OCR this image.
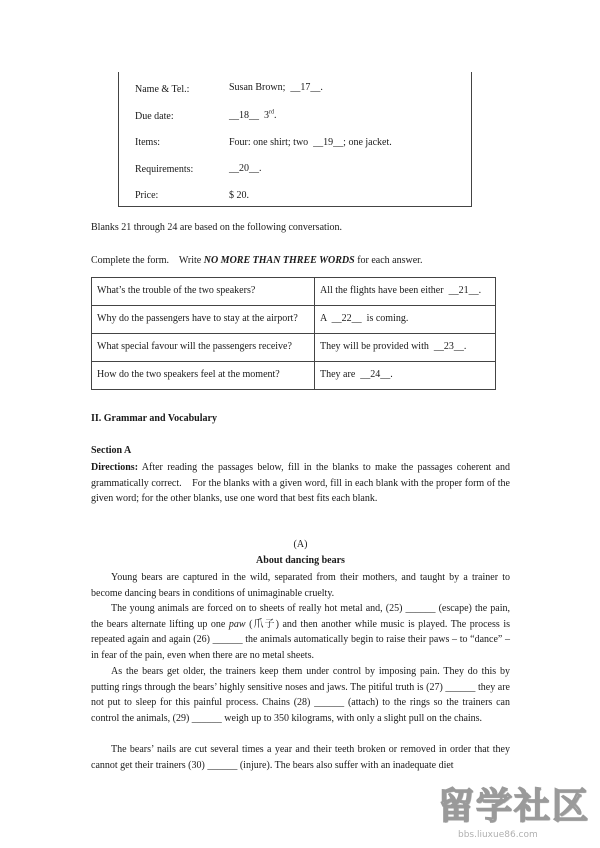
Name & Tel.:	Susan Brown;  __17__.
Due date:	__18__  3rd.
Items:	Four: one shirt; two  __19__; one jacket.
Requirements:	__20__.
Price:	$ 20.
Blanks 21 through 24 are based on the following conversation.
Complete the form.    Write NO MORE THAN THREE WORDS for each answer.
What’s the trouble of the two speakers?	All the flights have been either  __21__.
Why do the passengers have to stay at the airport?	A  __22__  is coming.
What special favour will the passengers receive?	They will be provided with  __23__.
How do the two speakers feel at the moment?	They are  __24__.
II. Grammar and Vocabulary
Section A
Directions: After reading the passages below, fill in the blanks to make the passages coherent and grammatically correct.    For the blanks with a given word, fill in each blank with the proper form of the given word; for the other blanks, use one word that best fits each blank.
(A)
About dancing bears
Young bears are captured in the wild, separated from their mothers, and taught by a trainer to become dancing bears in conditions of unimaginable cruelty.
The young animals are forced on to sheets of really hot metal and, (25) ______ (escape) the pain, the bears alternate lifting up one paw (爪子) and then another while music is played. The process is repeated again and again (26) ______ the animals automatically begin to raise their paws – to “dance” – in fear of the pain, even when there are no metal sheets.
As the bears get older, the trainers keep them under control by imposing pain. They do this by putting rings through the bears’ highly sensitive noses and jaws. The pitiful truth is (27) ______ they are not put to sleep for this painful process. Chains (28) ______ (attach) to the rings so the trainers can control the animals, (29) ______ weigh up to 350 kilograms, with only a slight pull on the chains.
The bears’ nails are cut several times a year and their teeth broken or removed in order that they cannot get their trainers (30) ______ (injure). The bears also suffer with an inadequate diet
留学社区
bbs.liuxue86.com
